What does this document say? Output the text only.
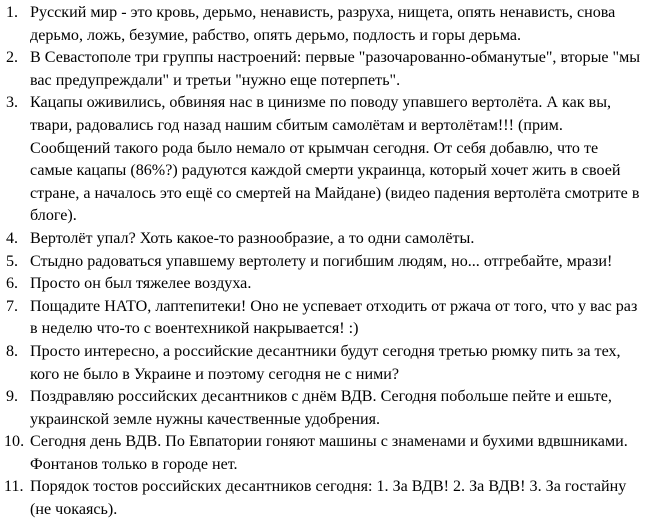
1. Русский мир - это кровь, дерьмо, ненависть, разруха, нищета, опять ненависть, снова дерьмо, ложь, безумие, рабство, опять дерьмо, подлость и горы дерьма.
2. В Севастополе три группы настроений: первые "разочарованно-обманутые", вторые "мы вас предупреждали" и третьи "нужно еще потерпеть".
3. Кацапы оживились, обвиняя нас в цинизме по поводу упавшего вертолёта. А как вы, твари, радовались год назад нашим сбитым самолётам и вертолётам!!! (прим. Сообщений такого рода было немало от крымчан сегодня. От себя добавлю, что те самые кацапы (86%?) радуются каждой смерти украинца, который хочет жить в своей стране, а началось это ещё со смертей на Майдане) (видео падения вертолёта смотрите в блоге).
4. Вертолёт упал? Хоть какое-то разнообразие, а то одни самолёты.
5. Стыдно радоваться упавшему вертолету и погибшим людям, но... отгребайте, мрази!
6. Просто он был тяжелее воздуха.
7. Пощадите НАТО, лаптепитеки! Оно не успевает отходить от ржача от того, что у вас раз в неделю что-то с воентехникой накрывается! :)
8. Просто интересно, а российские десантники будут сегодня третью рюмку пить за тех, кого не было в Украине и поэтому сегодня не с ними?
9. Поздравляю российских десантников с днём ВДВ. Сегодня побольше пейте и ешьте, украинской земле нужны качественные удобрения.
10. Сегодня день ВДВ. По Евпатории гоняют машины с знаменами и бухими вдвшниками. Фонтанов только в городе нет.
11. Порядок тостов российских десантников сегодня: 1. За ВДВ! 2. За ВДВ! 3. За гостайну (не чокаясь).
